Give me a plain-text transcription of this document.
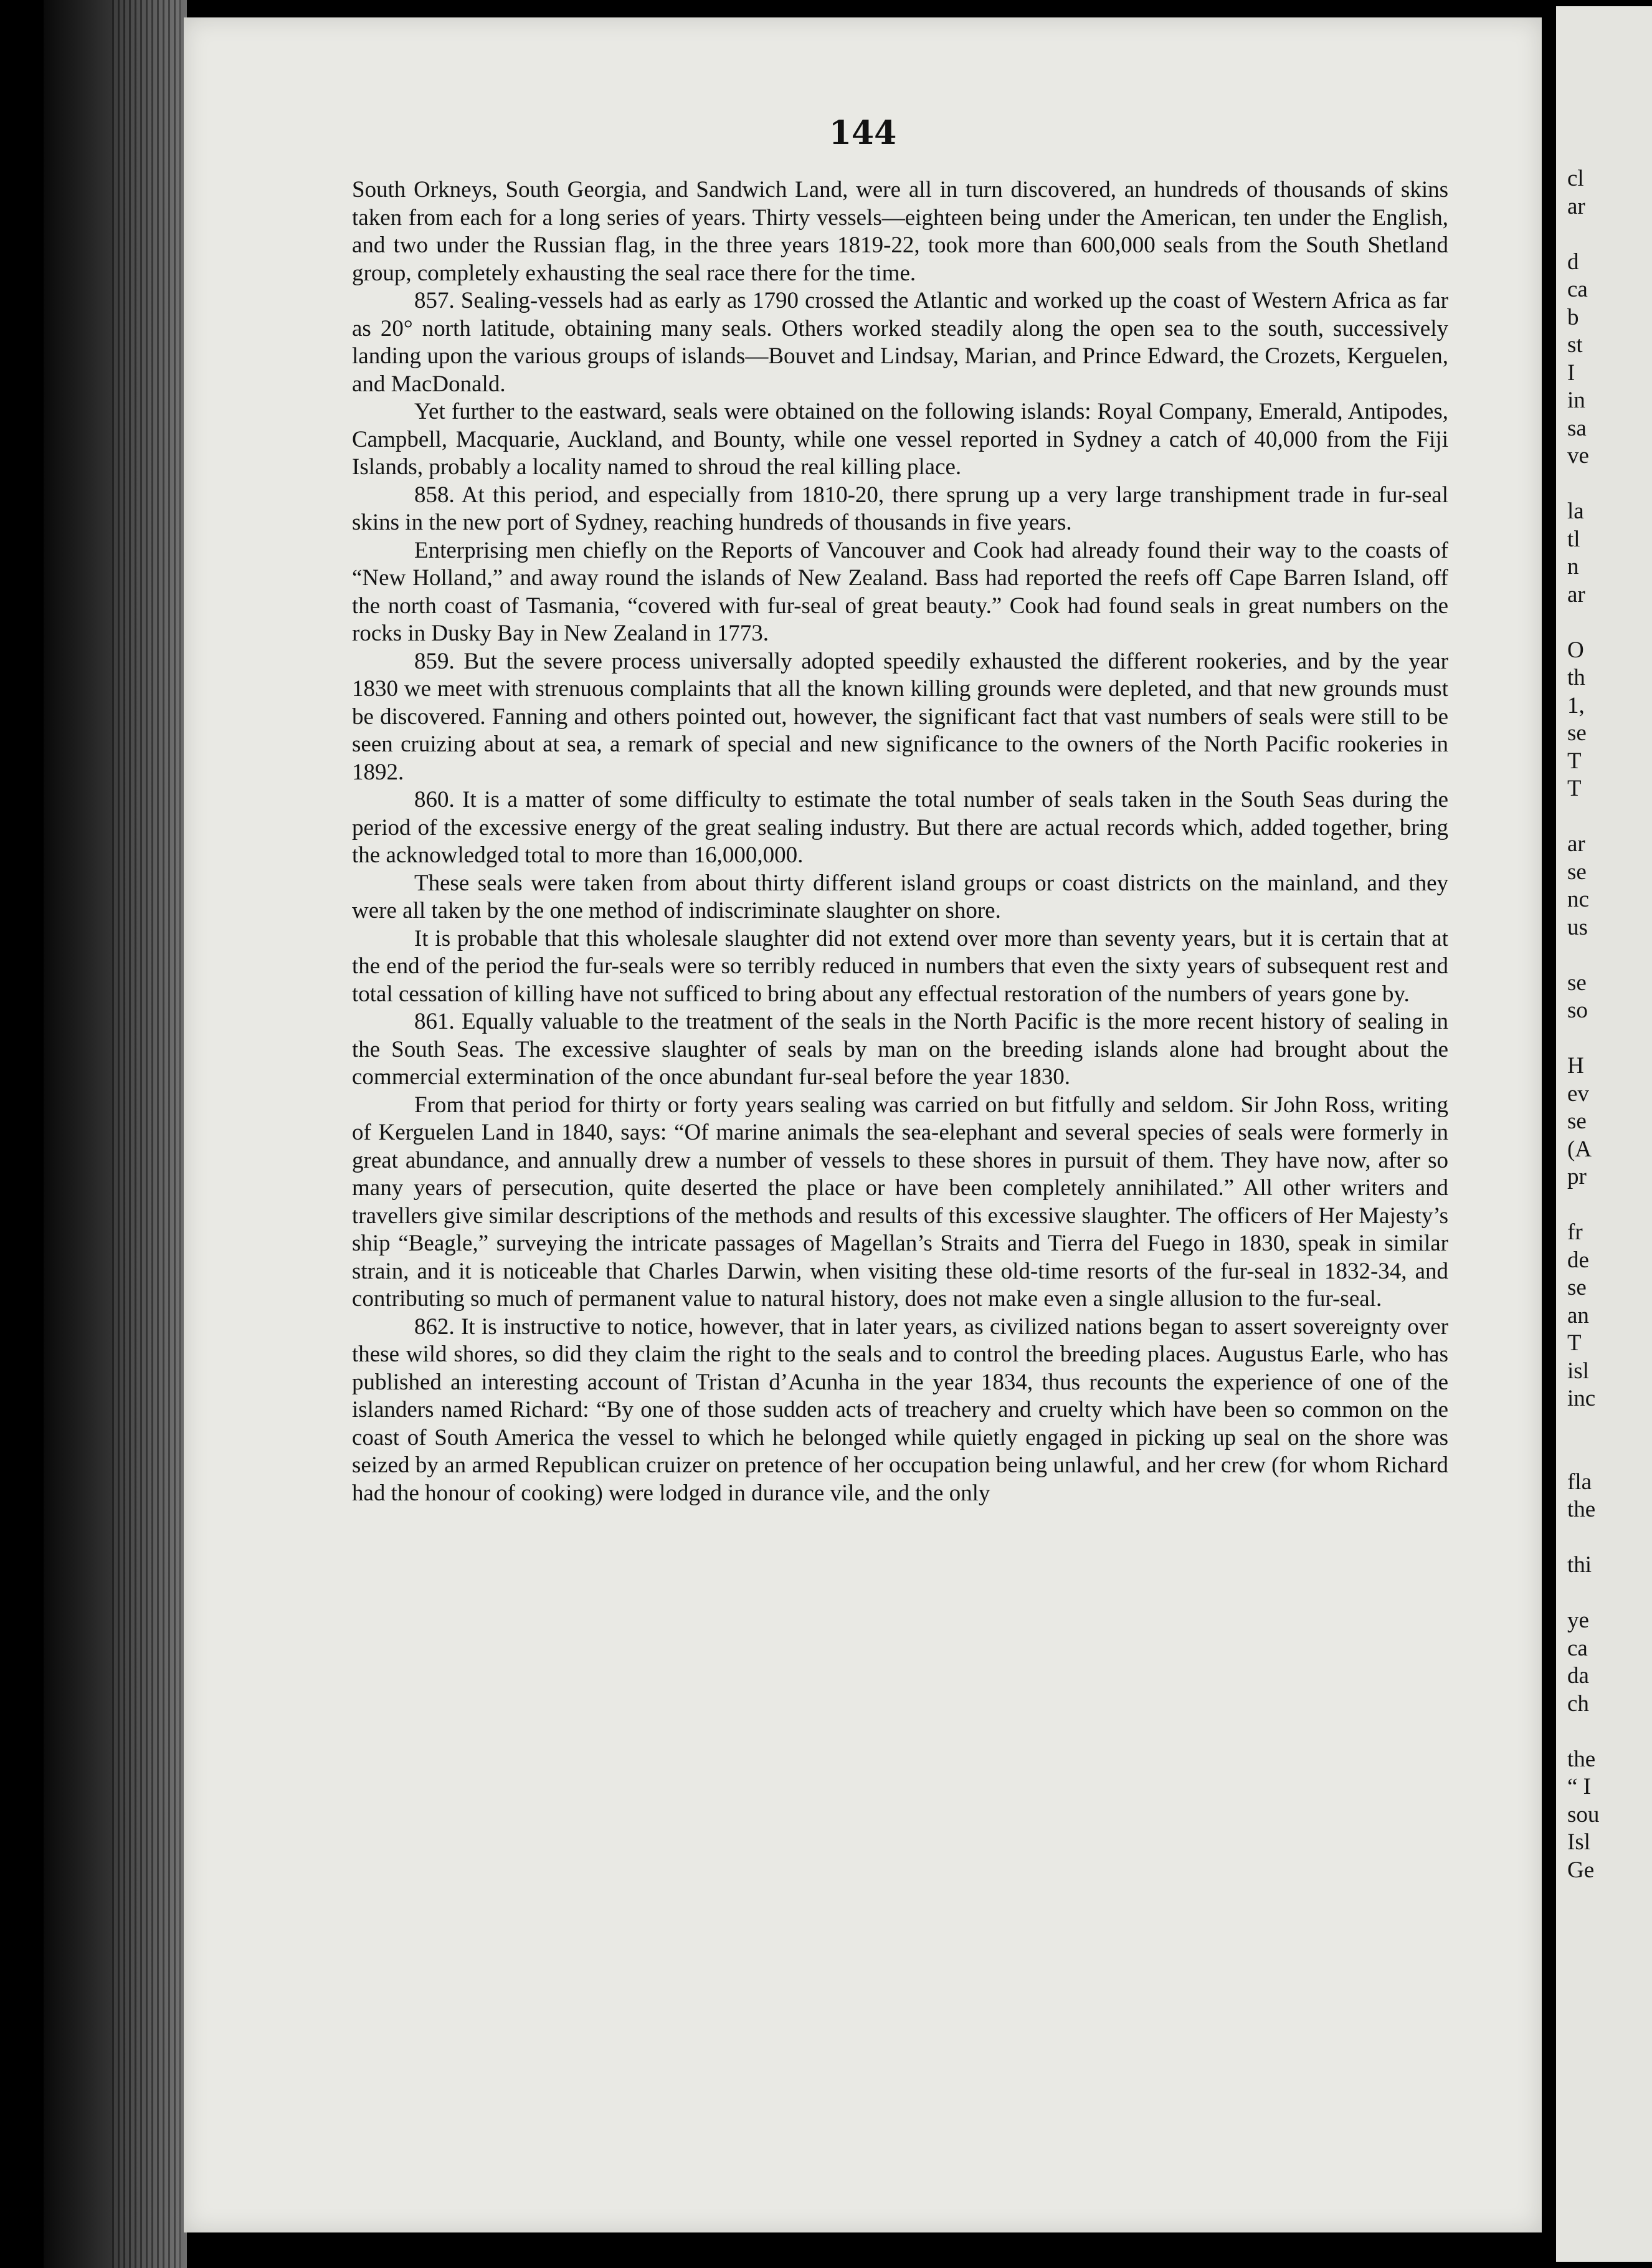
144

South Orkneys, South Georgia, and Sandwich Land, were all in turn discovered, an hundreds of thousands of skins taken from each for a long series of years. Thirty vessels—eighteen being under the American, ten under the English, and two under the Russian flag, in the three years 1819-22, took more than 600,000 seals from the South Shetland group, completely exhausting the seal race there for the time.

857. Sealing-vessels had as early as 1790 crossed the Atlantic and worked up the coast of Western Africa as far as 20° north latitude, obtaining many seals. Others worked steadily along the open sea to the south, successively landing upon the various groups of islands—Bouvet and Lindsay, Marian, and Prince Edward, the Crozets, Kerguelen, and MacDonald.

Yet further to the eastward, seals were obtained on the following islands: Royal Company, Emerald, Antipodes, Campbell, Macquarie, Auckland, and Bounty, while one vessel reported in Sydney a catch of 40,000 from the Fiji Islands, probably a locality named to shroud the real killing place.

858. At this period, and especially from 1810-20, there sprung up a very large transhipment trade in fur-seal skins in the new port of Sydney, reaching hundreds of thousands in five years.

Enterprising men chiefly on the Reports of Vancouver and Cook had already found their way to the coasts of “New Holland,” and away round the islands of New Zealand. Bass had reported the reefs off Cape Barren Island, off the north coast of Tasmania, “covered with fur-seal of great beauty.” Cook had found seals in great numbers on the rocks in Dusky Bay in New Zealand in 1773.

859. But the severe process universally adopted speedily exhausted the different rookeries, and by the year 1830 we meet with strenuous complaints that all the known killing grounds were depleted, and that new grounds must be discovered. Fanning and others pointed out, however, the significant fact that vast numbers of seals were still to be seen cruizing about at sea, a remark of special and new significance to the owners of the North Pacific rookeries in 1892.

860. It is a matter of some difficulty to estimate the total number of seals taken in the South Seas during the period of the excessive energy of the great sealing industry. But there are actual records which, added together, bring the acknowledged total to more than 16,000,000.

These seals were taken from about thirty different island groups or coast districts on the mainland, and they were all taken by the one method of indiscriminate slaughter on shore.

It is probable that this wholesale slaughter did not extend over more than seventy years, but it is certain that at the end of the period the fur-seals were so terribly reduced in numbers that even the sixty years of subsequent rest and total cessation of killing have not sufficed to bring about any effectual restoration of the numbers of years gone by.

861. Equally valuable to the treatment of the seals in the North Pacific is the more recent history of sealing in the South Seas. The excessive slaughter of seals by man on the breeding islands alone had brought about the commercial extermination of the once abundant fur-seal before the year 1830.

From that period for thirty or forty years sealing was carried on but fitfully and seldom. Sir John Ross, writing of Kerguelen Land in 1840, says: “Of marine animals the sea-elephant and several species of seals were formerly in great abundance, and annually drew a number of vessels to these shores in pursuit of them. They have now, after so many years of persecution, quite deserted the place or have been completely annihilated.” All other writers and travellers give similar descriptions of the methods and results of this excessive slaughter. The officers of Her Majesty’s ship “Beagle,” surveying the intricate passages of Magellan’s Straits and Tierra del Fuego in 1830, speak in similar strain, and it is noticeable that Charles Darwin, when visiting these old-time resorts of the fur-seal in 1832-34, and contributing so much of permanent value to natural history, does not make even a single allusion to the fur-seal.

862. It is instructive to notice, however, that in later years, as civilized nations began to assert sovereignty over these wild shores, so did they claim the right to the seals and to control the breeding places. Augustus Earle, who has published an interesting account of Tristan d’Acunha in the year 1834, thus recounts the experience of one of the islanders named Richard: “By one of those sudden acts of treachery and cruelty which have been so common on the coast of South America the vessel to which he belonged while quietly engaged in picking up seal on the shore was seized by an armed Republican cruizer on pretence of her occupation being unlawful, and her crew (for whom Richard had the honour of cooking) were lodged in durance vile, and the only

cl
ar
d
ca
b
st
I
in
sa
ve
la
tl
n
ar
O
th
1,
se
T
T
ar
se
nc
us
se
so
H
ev
se
(A
pr
fr
de
se
an
T
isl
inc
fla
the
thi
ye
ca
da
ch
the
“ I
sou
Isl
Ge
